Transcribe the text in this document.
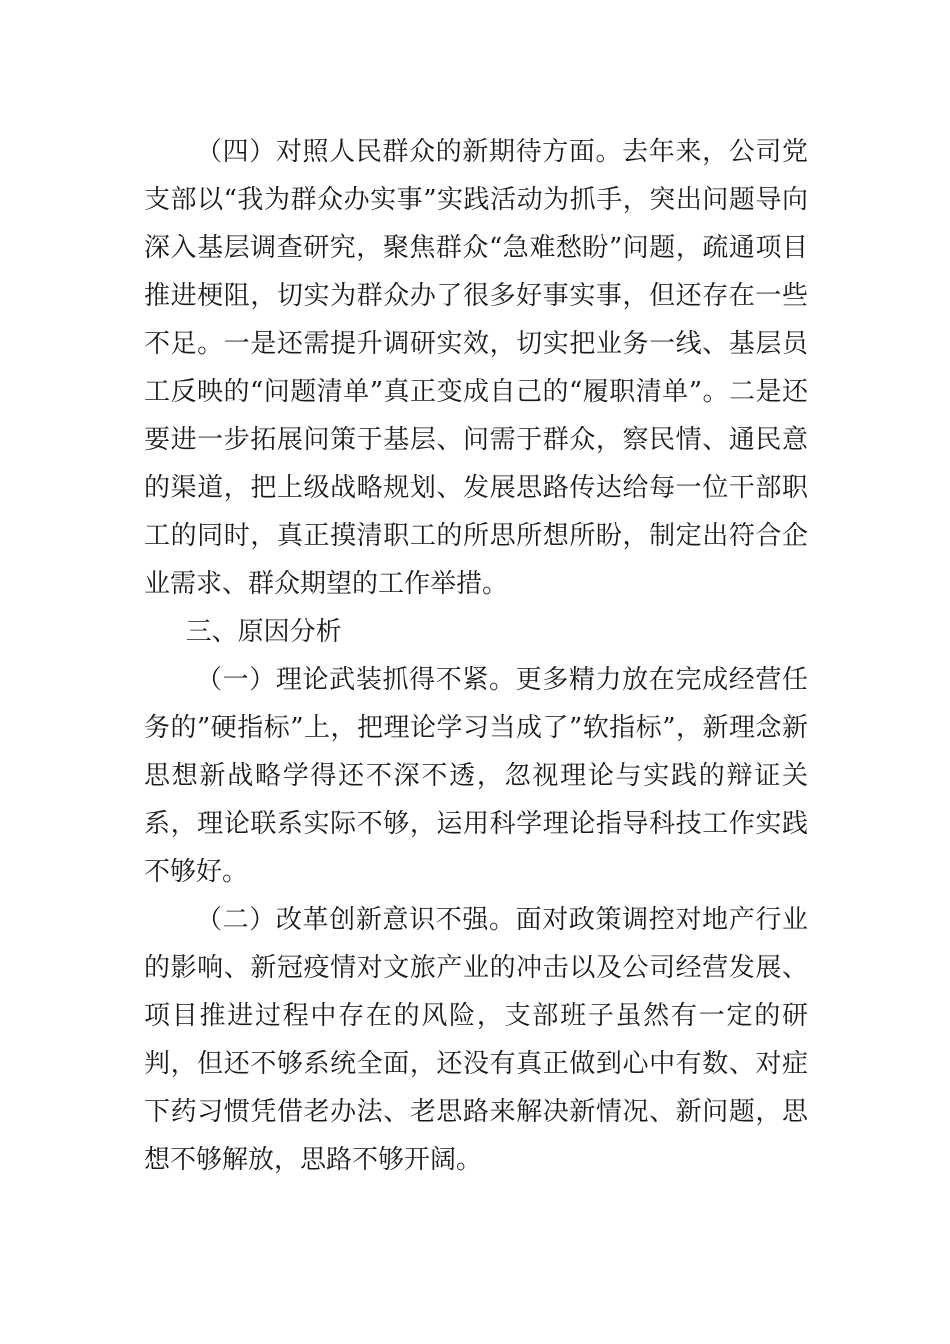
（四）对照人民群众的新期待方面。去年来，公司党支部以“我为群众办实事”实践活动为抓手，突出问题导向深入基层调查研究，聚焦群众“急难愁盼”问题，疏通项目推进梗阻，切实为群众办了很多好事实事，但还存在一些不足。一是还需提升调研实效，切实把业务一线、基层员工反映的“问题清单”真正变成自己的“履职清单”。二是还要进一步拓展问策于基层、问需于群众，察民情、通民意的渠道，把上级战略规划、发展思路传达给每一位干部职工的同时，真正摸清职工的所思所想所盼，制定出符合企业需求、群众期望的工作举措。

三、原因分析

（一）理论武装抓得不紧。更多精力放在完成经营任务的”硬指标”上，把理论学习当成了”软指标”，新理念新思想新战略学得还不深不透，忽视理论与实践的辩证关系，理论联系实际不够，运用科学理论指导科技工作实践不够好。

（二）改革创新意识不强。面对政策调控对地产行业的影响、新冠疫情对文旅产业的冲击以及公司经营发展、项目推进过程中存在的风险，支部班子虽然有一定的研判，但还不够系统全面，还没有真正做到心中有数、对症下药习惯凭借老办法、老思路来解决新情况、新问题，思想不够解放，思路不够开阔。
